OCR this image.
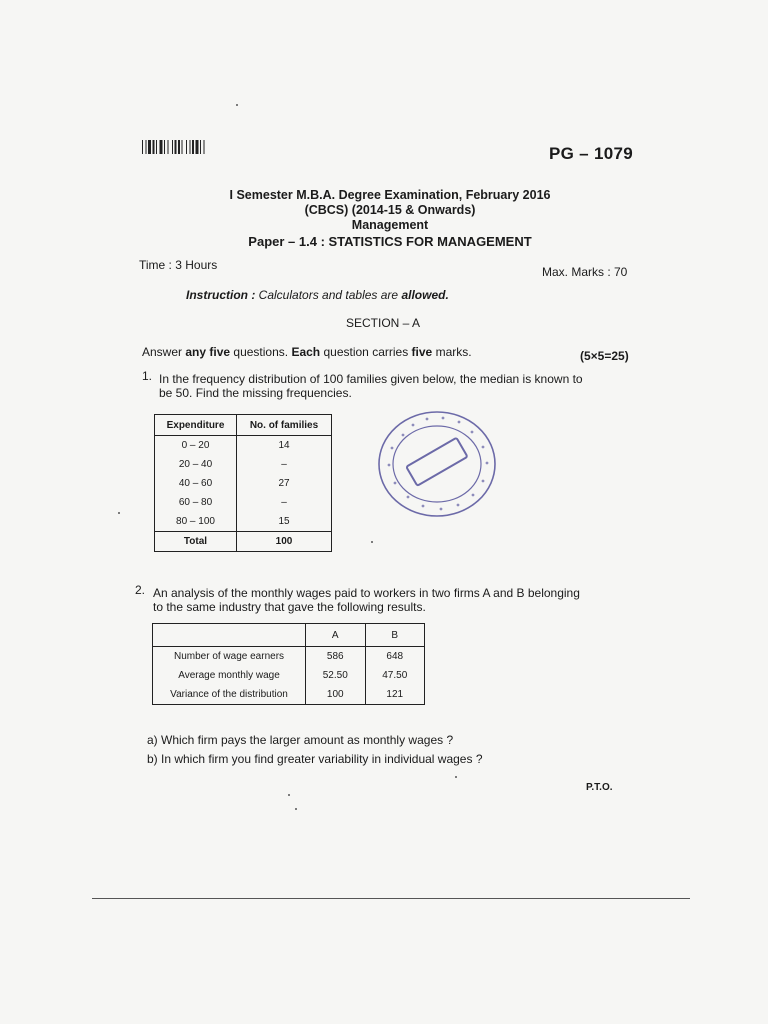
PG – 1079
I Semester M.B.A. Degree Examination, February 2016
(CBCS) (2014-15 & Onwards)
Management
Paper – 1.4 : STATISTICS FOR MANAGEMENT
Time : 3 Hours	Max. Marks : 70
Instruction : Calculators and tables are allowed.
SECTION – A
Answer any five questions. Each question carries five marks.	(5×5=25)
1. In the frequency distribution of 100 families given below, the median is known to
be 50. Find the missing frequencies.
Expenditure	No. of families
0 – 20	14
20 – 40	–
40 – 60	27
60 – 80	–
80 – 100	15
Total	100
2. An analysis of the monthly wages paid to workers in two firms A and B belonging
to the same industry that gave the following results.
	A	B
Number of wage earners	586	648
Average monthly wage	52.50	47.50
Variance of the distribution	100	121
a) Which firm pays the larger amount as monthly wages ?
b) In which firm you find greater variability in individual wages ?
P.T.O.
